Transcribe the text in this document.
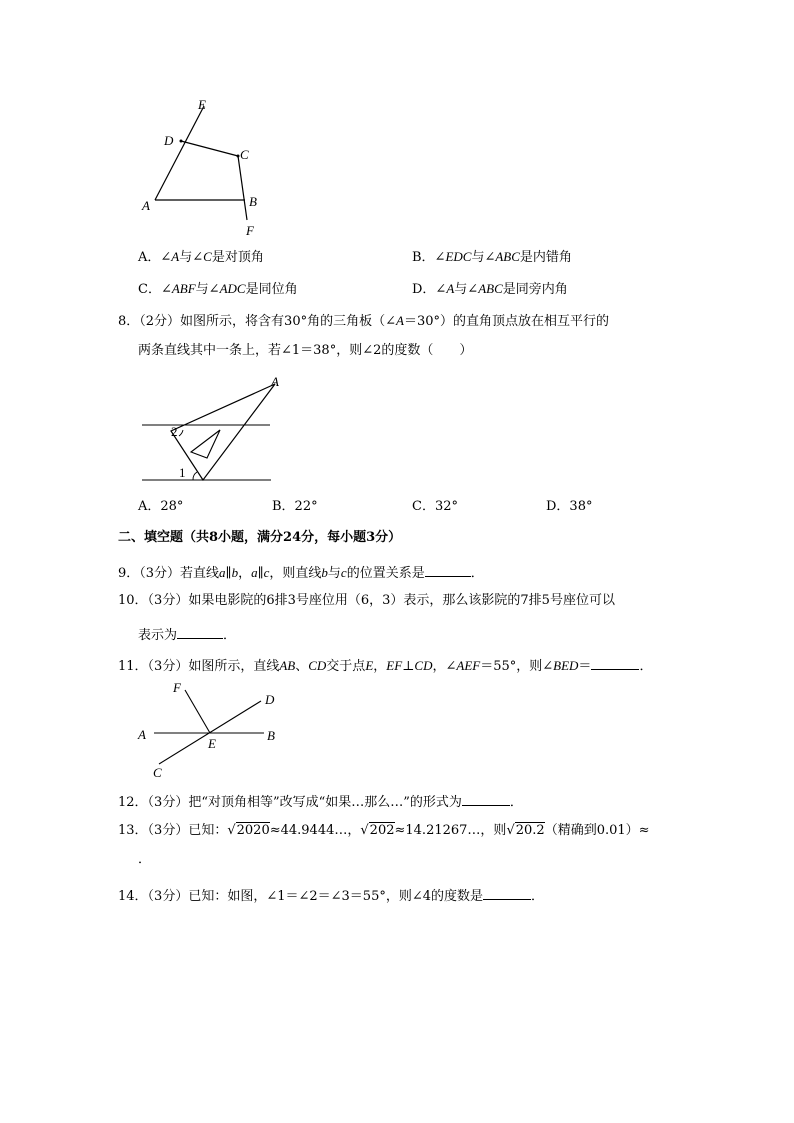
E
D
C
A	B
F
A．∠A与∠C是对顶角	B．∠EDC与∠ABC是内错角
C．∠ABF与∠ADC是同位角	D．∠A与∠ABC是同旁内角
8．（2分）如图所示，将含有30°角的三角板（∠A＝30°）的直角顶点放在相互平行的
两条直线其中一条上，若∠1＝38°，则∠2的度数（　　）
A
1
2
A．28°	B．22°	C．32°	D．38°
二、填空题（共8小题，满分24分，每小题3分）
9．（3分）若直线a∥b，a∥c，则直线b与c的位置关系是	．
10．（3分）如果电影院的6排3号座位用（6，3）表示，那么该影院的7排5号座位可以
表示为	．
11．（3分）如图所示，直线AB、CD交于点E，EF⊥CD，∠AEF＝55°，则∠BED＝	．
F
D
A
E
B
C
12．（3分）把“对顶角相等”改写成“如果…那么…”的形式为	．
13．（3分）已知：√2020≈44.9444…，√202≈14.21267…，则√20.2（精确到0.01）≈
．
14．（3分）已知：如图，∠1＝∠2＝∠3＝55°，则∠4的度数是	．
